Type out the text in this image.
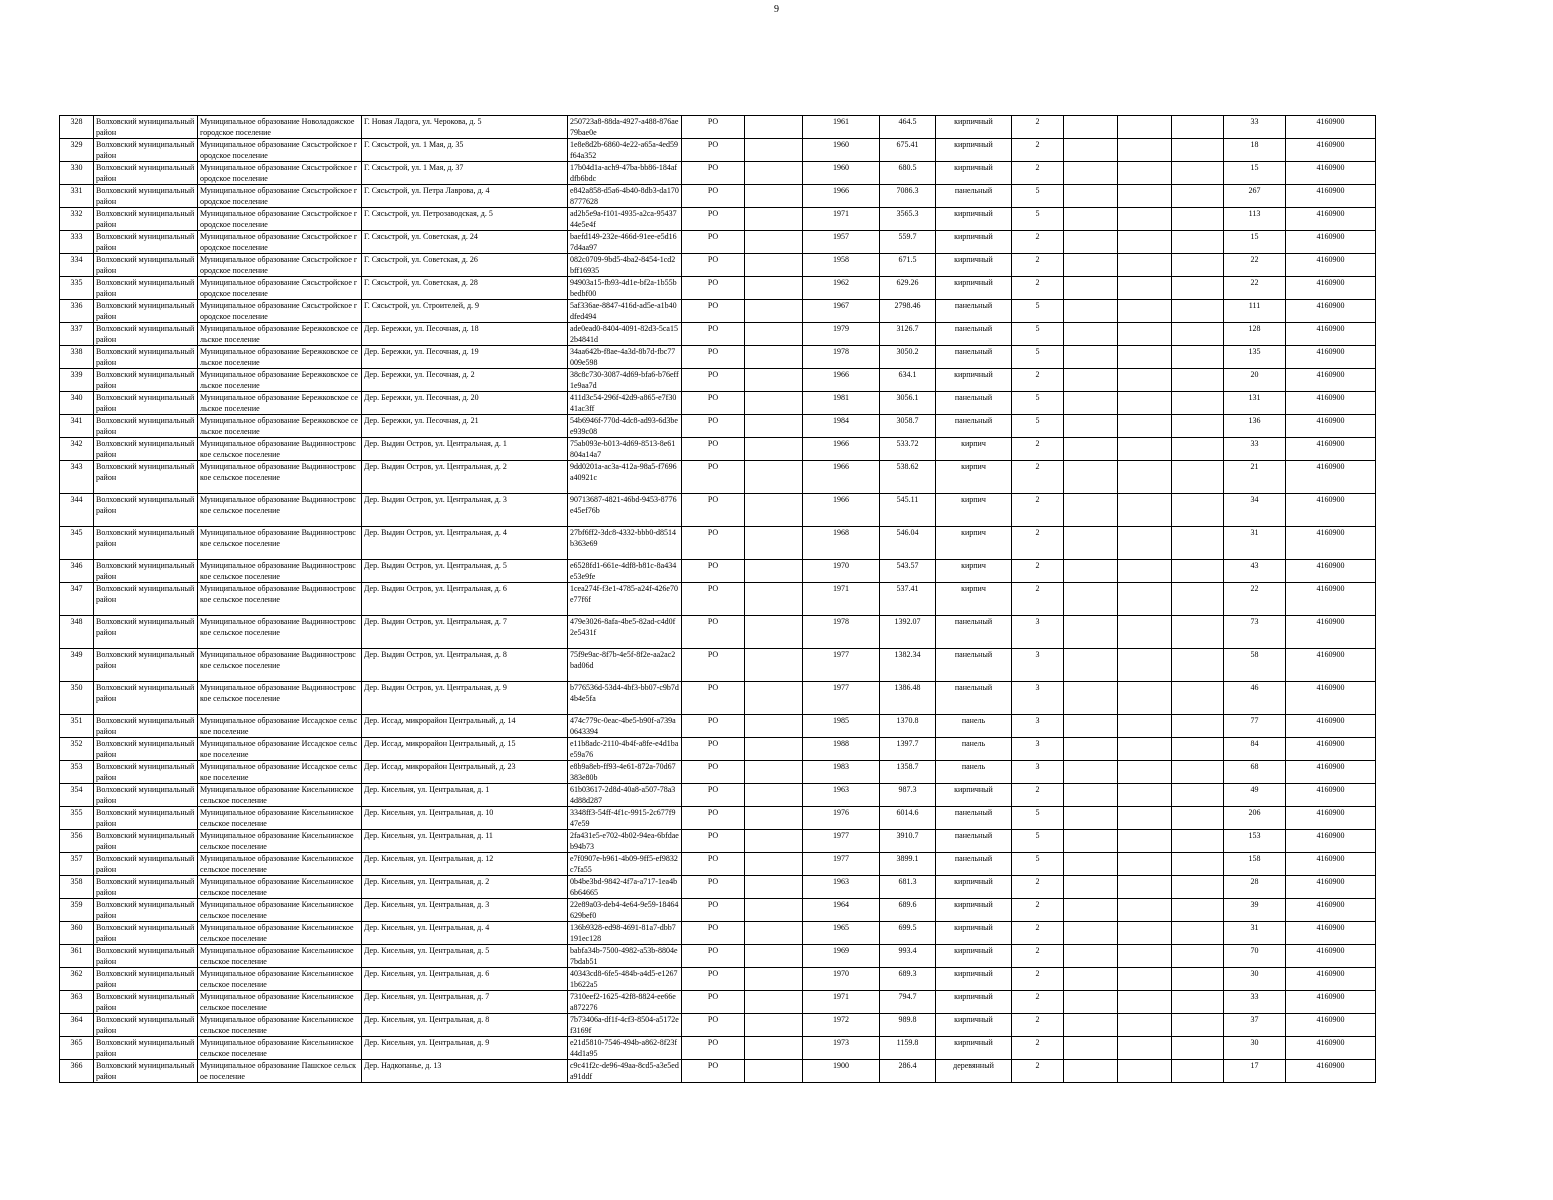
9
328	Волховский муниципальный район	Муниципальное образование Новоладожское городское поселение	Г. Новая Ладога, ул. Черокова, д. 5	250723a8-88da-4927-a488-876ae79bae0e	РО		1961	464.5	кирпичный	2				33	4160900
329	Волховский муниципальный район	Муниципальное образование Сясьстройское городское поселение	Г. Сясьстрой, ул. 1 Мая, д. 35	1e8e8d2b-6860-4e22-a65a-4ed59f64a352	РО		1960	675.41	кирпичный	2				18	4160900
330	Волховский муниципальный район	Муниципальное образование Сясьстройское городское поселение	Г. Сясьстрой, ул. 1 Мая, д. 37	17b04d1a-ach9-47ba-bb86-184afdfb6bdc	РО		1960	680.5	кирпичный	2				15	4160900
331	Волховский муниципальный район	Муниципальное образование Сясьстройское городское поселение	Г. Сясьстрой, ул. Петра Лаврова, д. 4	e842a858-d5a6-4b40-8db3-da1708777628	РО		1966	7086.3	панельный	5				267	4160900
332	Волховский муниципальный район	Муниципальное образование Сясьстройское городское поселение	Г. Сясьстрой, ул. Петрозаводская, д. 5	ad2b5e9a-f101-4935-a2ca-9543744e5e4f	РО		1971	3565.3	кирпичный	5				113	4160900
333	Волховский муниципальный район	Муниципальное образование Сясьстройское городское поселение	Г. Сясьстрой, ул. Советская, д. 24	baefd149-232e-466d-91ee-e5d167d4aa97	РО		1957	559.7	кирпичный	2				15	4160900
334	Волховский муниципальный район	Муниципальное образование Сясьстройское городское поселение	Г. Сясьстрой, ул. Советская, д. 26	082c0709-9bd5-4ba2-8454-1cd2bff16935	РО		1958	671.5	кирпичный	2				22	4160900
335	Волховский муниципальный район	Муниципальное образование Сясьстройское городское поселение	Г. Сясьстрой, ул. Советская, д. 28	94903a15-fb93-4d1e-bf2a-1b55bbedbf00	РО		1962	629.26	кирпичный	2				22	4160900
336	Волховский муниципальный район	Муниципальное образование Сясьстройское городское поселение	Г. Сясьстрой, ул. Строителей, д. 9	5af336ae-8847-416d-ad5e-a1b40dfed494	РО		1967	2798.46	панельный	5				111	4160900
337	Волховский муниципальный район	Муниципальное образование Бережковское сельское поселение	Дер. Бережки, ул. Песочная, д. 18	ade0ead0-8404-4091-82d3-5ca152b4841d	РО		1979	3126.7	панельный	5				128	4160900
338	Волховский муниципальный район	Муниципальное образование Бережковское сельское поселение	Дер. Бережки, ул. Песочная, д. 19	34aa642b-f8ae-4a3d-8b7d-fbc77009e598	РО		1978	3050.2	панельный	5				135	4160900
339	Волховский муниципальный район	Муниципальное образование Бережковское сельское поселение	Дер. Бережки, ул. Песочная, д. 2	38c8c730-3087-4d69-bfa6-b76eff1e9aa7d	РО		1966	634.1	кирпичный	2				20	4160900
340	Волховский муниципальный район	Муниципальное образование Бережковское сельское поселение	Дер. Бережки, ул. Песочная, д. 20	411d3c54-296f-42d9-a865-e7f3041ac3ff	РО		1981	3056.1	панельный	5				131	4160900
341	Волховский муниципальный район	Муниципальное образование Бережковское сельское поселение	Дер. Бережки, ул. Песочная, д. 21	54b6946f-770d-4dc8-ad93-6d3bee939c08	РО		1984	3058.7	панельный	5				136	4160900
342	Волховский муниципальный район	Муниципальное образование Выдинностровское сельское поселение	Дер. Выдин Остров, ул. Центральная, д. 1	75ab093e-b013-4d69-8513-8e61804a14a7	РО		1966	533.72	кирпич	2				33	4160900
343	Волховский муниципальный район	Муниципальное образование Выдинностровское сельское поселение	Дер. Выдин Остров, ул. Центральная, д. 2	9dd0201a-ac3a-412a-98a5-f7696a40921c	РО		1966	538.62	кирпич	2				21	4160900
344	Волховский муниципальный район	Муниципальное образование Выдинностровское сельское поселение	Дер. Выдин Остров, ул. Центральная, д. 3	90713687-4821-46bd-9453-8776e45ef76b	РО		1966	545.11	кирпич	2				34	4160900
345	Волховский муниципальный район	Муниципальное образование Выдинностровское сельское поселение	Дер. Выдин Остров, ул. Центральная, д. 4	27bf6ff2-3dc8-4332-bbb0-d8514b363e69	РО		1968	546.04	кирпич	2				31	4160900
346	Волховский муниципальный район	Муниципальное образование Выдинностровское сельское поселение	Дер. Выдин Остров, ул. Центральная, д. 5	e6528fd1-661e-4df8-b81c-8a434e53e9fe	РО		1970	543.57	кирпич	2				43	4160900
347	Волховский муниципальный район	Муниципальное образование Выдинностровское сельское поселение	Дер. Выдин Остров, ул. Центральная, д. 6	1cea274f-f3e1-4785-a24f-426e70e77f6f	РО		1971	537.41	кирпич	2				22	4160900
348	Волховский муниципальный район	Муниципальное образование Выдинностровское сельское поселение	Дер. Выдин Остров, ул. Центральная, д. 7	479e3026-8afa-4be5-82ad-c4d0f2e5431f	РО		1978	1392.07	панельный	3				73	4160900
349	Волховский муниципальный район	Муниципальное образование Выдинностровское сельское поселение	Дер. Выдин Остров, ул. Центральная, д. 8	75f9e9ac-8f7b-4e5f-8f2e-aa2ac2bad06d	РО		1977	1382.34	панельный	3				58	4160900
350	Волховский муниципальный район	Муниципальное образование Выдинностровское сельское поселение	Дер. Выдин Остров, ул. Центральная, д. 9	b776536d-53d4-4bf3-bb07-c9b7d4b4e5fa	РО		1977	1386.48	панельный	3				46	4160900
351	Волховский муниципальный район	Муниципальное образование Иссадское сельское поселение	Дер. Иссад, микрорайон Центральный, д. 14	474c779c-0eac-4be5-b90f-a739a0643394	РО		1985	1370.8	панель	3				77	4160900
352	Волховский муниципальный район	Муниципальное образование Иссадское сельское поселение	Дер. Иссад, микрорайон Центральный, д. 15	e11b8adc-2110-4b4f-a8fe-e4d1bae59a76	РО		1988	1397.7	панель	3				84	4160900
353	Волховский муниципальный район	Муниципальное образование Иссадское сельское поселение	Дер. Иссад, микрорайон Центральный, д. 23	e8b9a8eb-ff93-4e61-872a-70d67383e80b	РО		1983	1358.7	панель	3				68	4160900
354	Волховский муниципальный район	Муниципальное образование Кисельнинское сельское поселение	Дер. Кисельня, ул. Центральная, д. 1	61b03617-2d8d-40a8-a507-78a34d88d287	РО		1963	987.3	кирпичный	2				49	4160900
355	Волховский муниципальный район	Муниципальное образование Кисельнинское сельское поселение	Дер. Кисельня, ул. Центральная, д. 10	3348ff3-54ff-4f1c-9915-2c677f947e59	РО		1976	6014.6	панельный	5				206	4160900
356	Волховский муниципальный район	Муниципальное образование Кисельнинское сельское поселение	Дер. Кисельня, ул. Центральная, д. 11	2fa431e5-e702-4b02-94ea-6bfdaeb94b73	РО		1977	3910.7	панельный	5				153	4160900
357	Волховский муниципальный район	Муниципальное образование Кисельнинское сельское поселение	Дер. Кисельня, ул. Центральная, д. 12	e7f0907e-b961-4b09-9ff5-ef9832c7fa55	РО		1977	3899.1	панельный	5				158	4160900
358	Волховский муниципальный район	Муниципальное образование Кисельнинское сельское поселение	Дер. Кисельня, ул. Центральная, д. 2	0b4be3bd-9842-4f7a-a717-1ea4b6b64665	РО		1963	681.3	кирпичный	2				28	4160900
359	Волховский муниципальный район	Муниципальное образование Кисельнинское сельское поселение	Дер. Кисельня, ул. Центральная, д. 3	22e89a03-deb4-4e64-9e59-18464629bef0	РО		1964	689.6	кирпичный	2				39	4160900
360	Волховский муниципальный район	Муниципальное образование Кисельнинское сельское поселение	Дер. Кисельня, ул. Центральная, д. 4	136b9328-ed98-4691-81a7-dbb7191ec128	РО		1965	699.5	кирпичный	2				31	4160900
361	Волховский муниципальный район	Муниципальное образование Кисельнинское сельское поселение	Дер. Кисельня, ул. Центральная, д. 5	babfa34b-7500-4982-a53b-8804e7bdab51	РО		1969	993.4	кирпичный	2				70	4160900
362	Волховский муниципальный район	Муниципальное образование Кисельнинское сельское поселение	Дер. Кисельня, ул. Центральная, д. 6	40343cd8-6fe5-484b-a4d5-e12671b622a5	РО		1970	689.3	кирпичный	2				30	4160900
363	Волховский муниципальный район	Муниципальное образование Кисельнинское сельское поселение	Дер. Кисельня, ул. Центральная, д. 7	7310eef2-1625-42f8-8824-ee66ea872276	РО		1971	794.7	кирпичный	2				33	4160900
364	Волховский муниципальный район	Муниципальное образование Кисельнинское сельское поселение	Дер. Кисельня, ул. Центральная, д. 8	7b73406a-df1f-4cf3-8504-a5172ef3169f	РО		1972	989.8	кирпичный	2				37	4160900
365	Волховский муниципальный район	Муниципальное образование Кисельнинское сельское поселение	Дер. Кисельня, ул. Центральная, д. 9	e21d5810-7546-494b-a862-8f23f44d1a95	РО		1973	1159.8	кирпичный	2				30	4160900
366	Волховский муниципальный район	Муниципальное образование Пашское сельское поселение	Дер. Надкопанье, д. 13	c9c41f2c-de96-49aa-8cd5-a3e5eda91ddf	РО		1900	286.4	деревянный	2				17	4160900
